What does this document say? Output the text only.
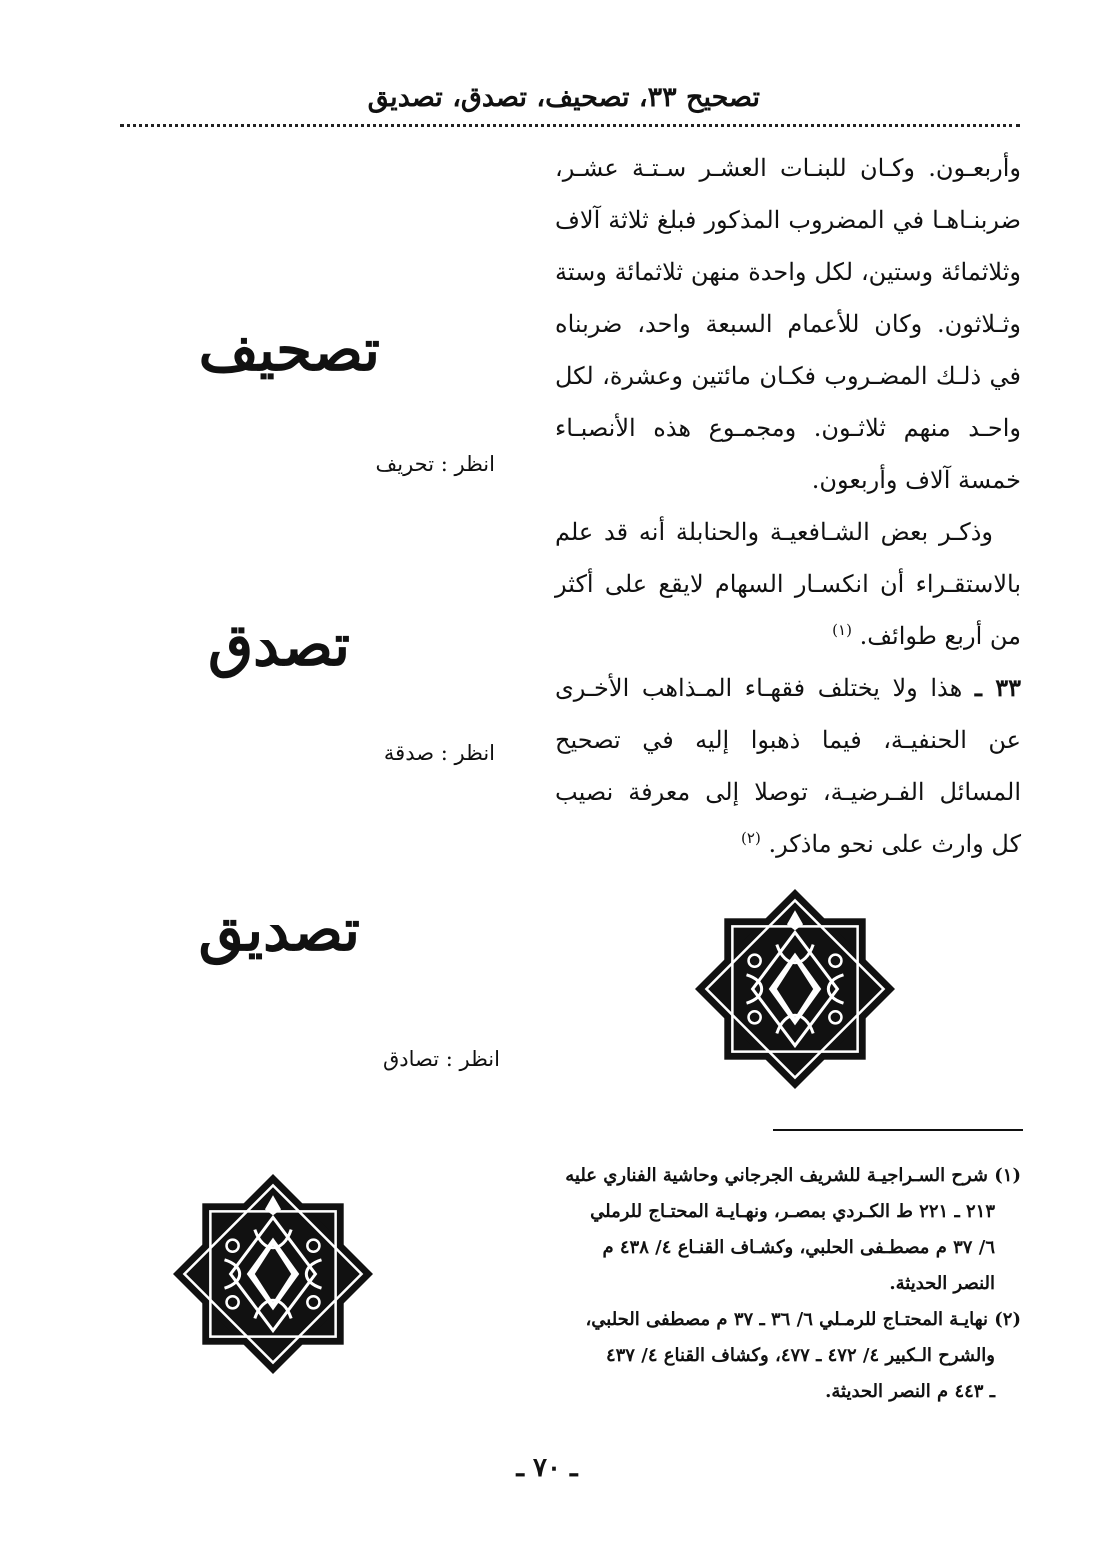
تصحيح ٣٣، تصحيف، تصدق، تصديق

وأربعـون. وكـان للبنـات العشـر سـتـة عشـر، ضربنـاهـا في المضروب المذكور فبلغ ثلاثة آلاف وثلاثمائة وستين، لكل واحدة منهن ثلاثمائة وستة وثـلاثون. وكان للأعمام السبعة واحد، ضربناه في ذلـك المضـروب فكـان مائتين وعشرة، لكل واحـد منهم ثلاثـون. ومجمـوع هذه الأنصبـاء خمسة آلاف وأربعون.

وذكـر بعض الشـافعيـة والحنابلة أنه قد علم بالاستقـراء أن انكسـار السهام لايقع على أكثر من أربع طوائف. $^{(١)}$

٣٣ ـ هذا ولا يختلف فقهـاء المـذاهب الأخـرى عن الحنفيـة، فيما ذهبوا إليه في تصحيح المسائل الفـرضيـة، توصلا إلى معرفة نصيب كل وارث على نحو ماذكر. $^{(٢)}$

تصحيف
انظر : تحريف
تصدق
انظر : صدقة
تصديق
انظر : تصادق

(١) شرح السـراجيـة للشريف الجرجاني وحاشية الفناري عليه

٢١٣ ـ ٢٢١ ط الكـردي بمصـر، ونهـايـة المحتـاج للرملي

٦/ ٣٧ م مصطـفى الحلبي، وكشـاف القنـاع ٤/ ٤٣٨ م

النصر الحديثة.

(٢) نهايـة المحتـاج للرمـلي ٦/ ٣٦ ـ ٣٧ م مصطفى الحلبي،

والشرح الـكبير ٤/ ٤٧٢ ـ ٤٧٧، وكشاف القناع ٤/ ٤٣٧

ـ ٤٤٣ م النصر الحديثة.

ـ ٧٠ ـ
